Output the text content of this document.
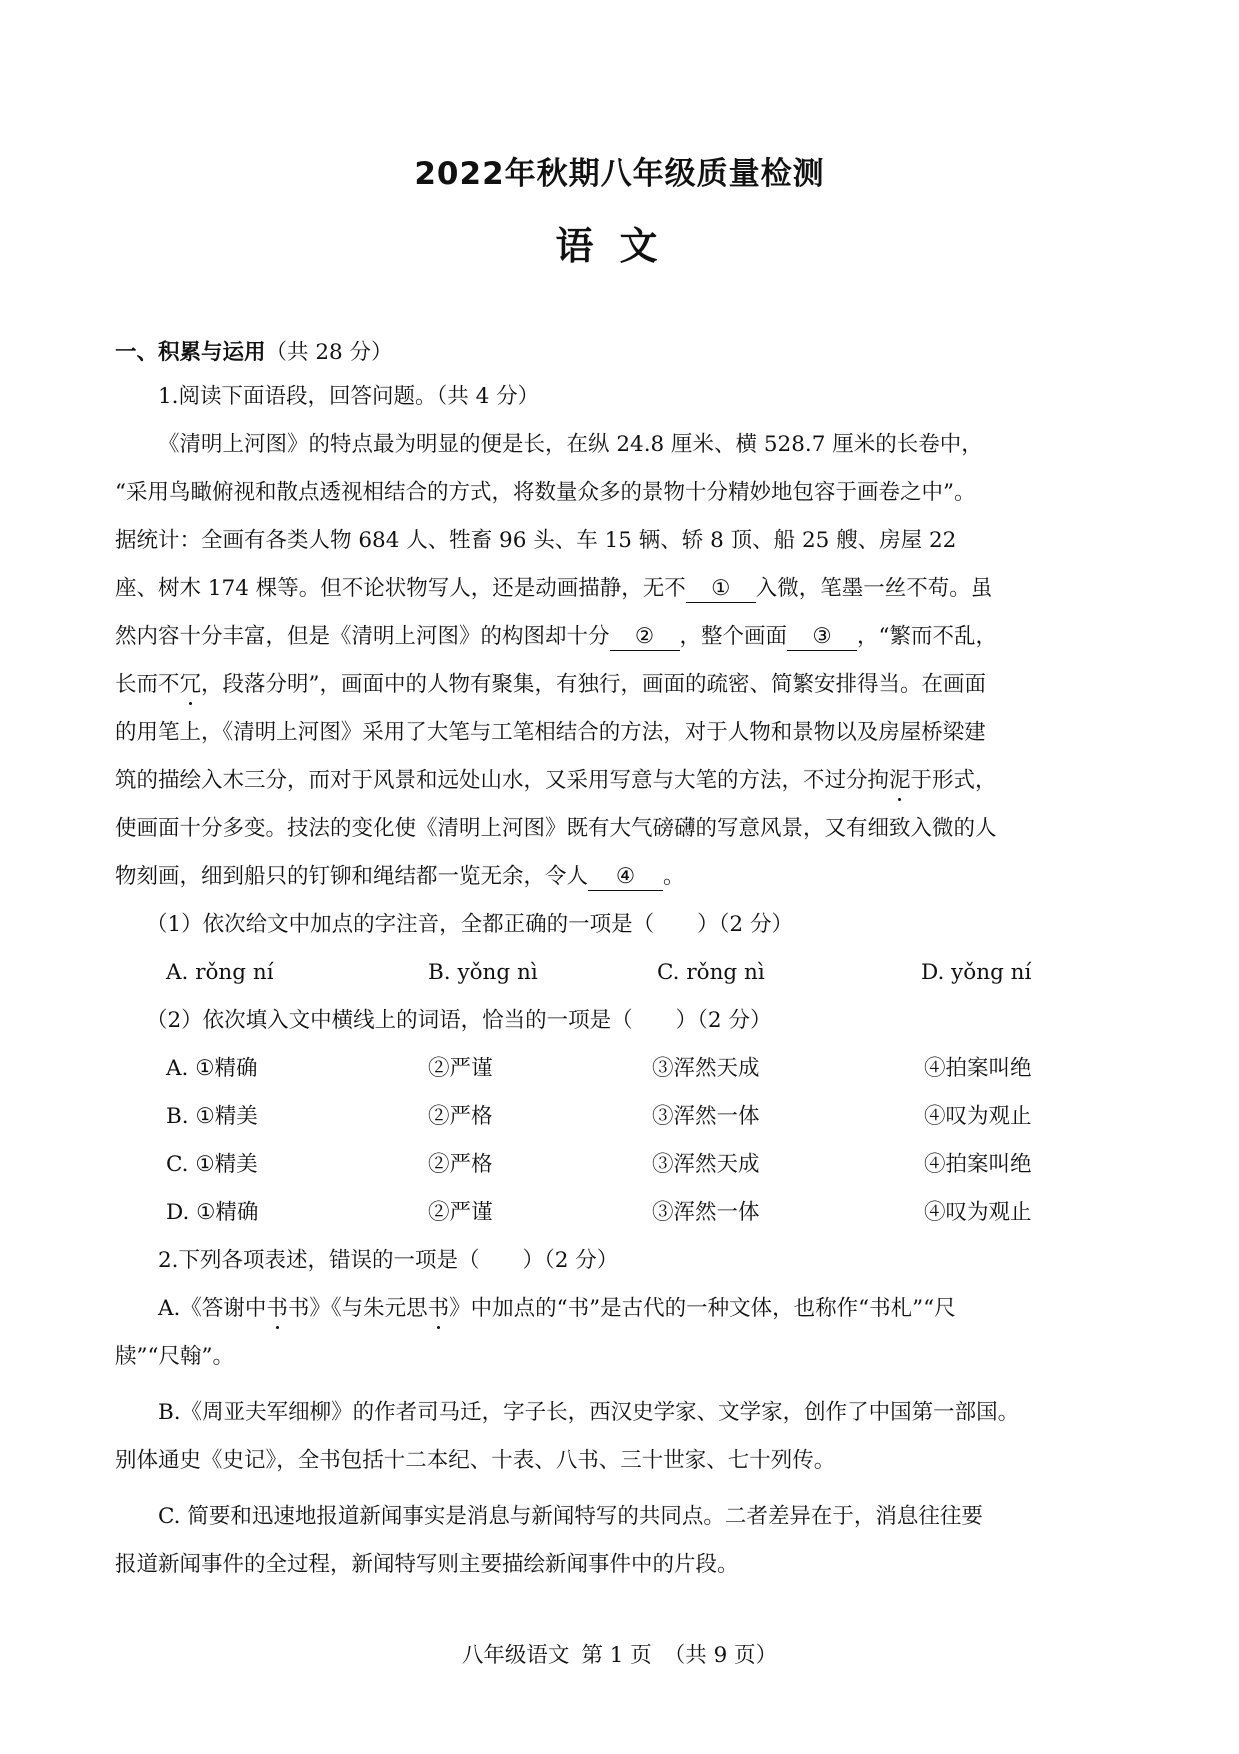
2022年秋期八年级质量检测
语文
一、积累与运用（共 28 分）
1.阅读下面语段，回答问题。（共 4 分）
《清明上河图》的特点最为明显的便是长，在纵 24.8 厘米、横 528.7 厘米的长卷中，
“采用鸟瞰俯视和散点透视相结合的方式，将数量众多的景物十分精妙地包容于画卷之中”。
据统计：全画有各类人物 684 人、牲畜 96 头、车 15 辆、轿 8 顶、船 25 艘、房屋 22
座、树木 174 棵等。但不论状物写人，还是动画描静，无不 ① 入微，笔墨一丝不苟。虽
然内容十分丰富，但是《清明上河图》的构图却十分 ② ，整个画面 ③ ，“繁而不乱，
长而不冗，段落分明”，画面中的人物有聚集，有独行，画面的疏密、简繁安排得当。在画面
的用笔上，《清明上河图》采用了大笔与工笔相结合的方法，对于人物和景物以及房屋桥梁建
筑的描绘入木三分，而对于风景和远处山水，又采用写意与大笔的方法，不过分拘泥于形式，
使画面十分多变。技法的变化使《清明上河图》既有大气磅礴的写意风景，又有细致入微的人
物刻画，细到船只的钉铆和绳结都一览无余，令人 ④ 。
（1）依次给文中加点的字注音，全都正确的一项是（　　）（2 分）
A. rǒng ní	B. yǒng nì	C. rǒng nì	D. yǒng ní
（2）依次填入文中横线上的词语，恰当的一项是（　　）（2 分）
A. ①精确	②严谨	③浑然天成	④拍案叫绝
B. ①精美	②严格	③浑然一体	④叹为观止
C. ①精美	②严格	③浑然天成	④拍案叫绝
D. ①精确	②严谨	③浑然一体	④叹为观止
2.下列各项表述，错误的一项是（　　）（2 分）
A.《答谢中书书》《与朱元思书》中加点的“书”是古代的一种文体，也称作“书札”“尺
牍”“尺翰”。
B.《周亚夫军细柳》的作者司马迁，字子长，西汉史学家、文学家，创作了中国第一部国。
别体通史《史记》，全书包括十二本纪、十表、八书、三十世家、七十列传。
C. 简要和迅速地报道新闻事实是消息与新闻特写的共同点。二者差异在于，消息往往要
报道新闻事件的全过程，新闻特写则主要描绘新闻事件中的片段。
八年级语文 第 1 页 （共 9 页）
